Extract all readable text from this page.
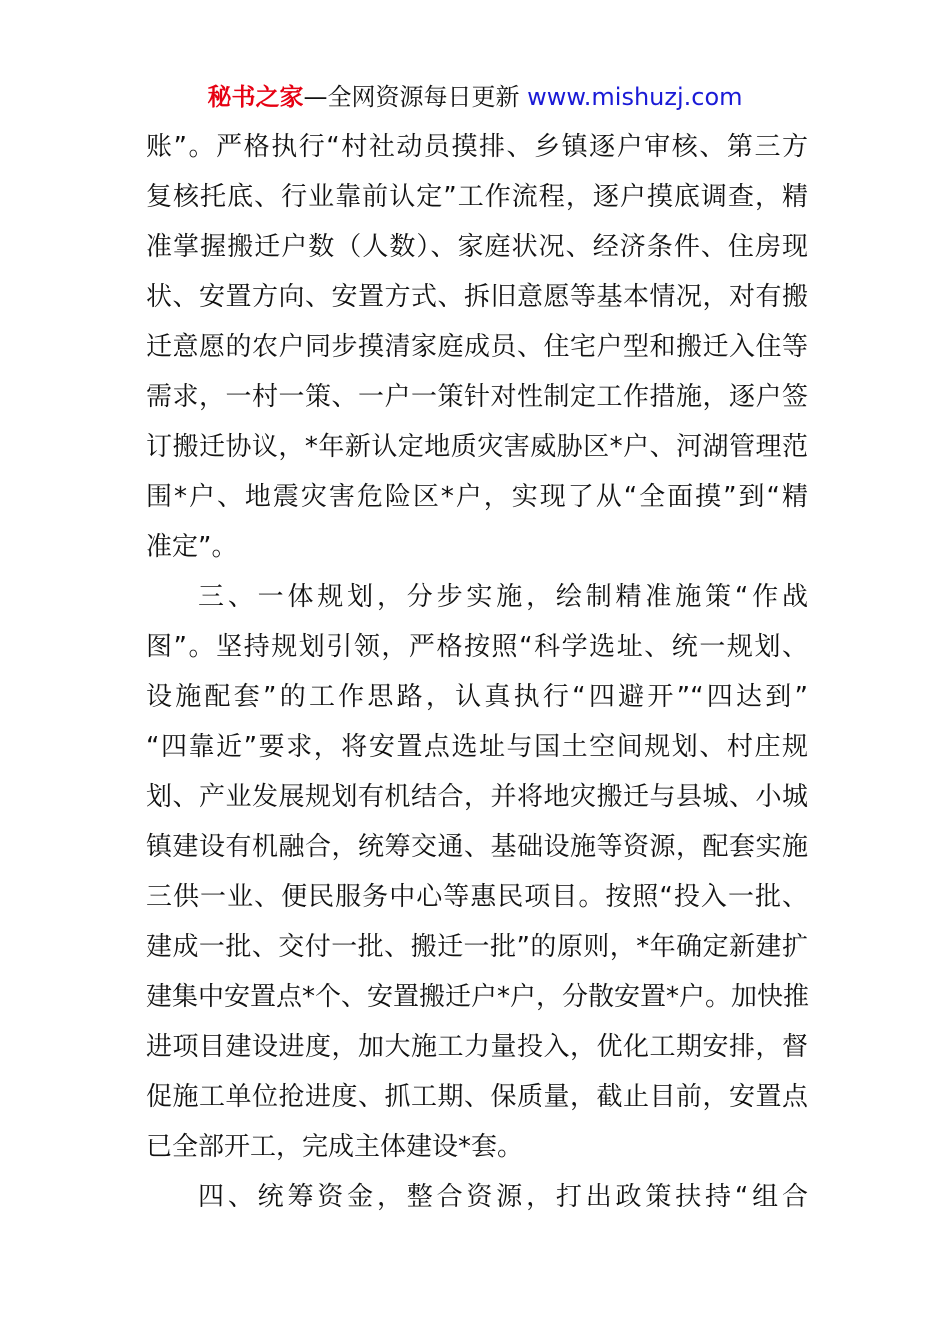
秘书之家—全网资源每日更新 www.mishuzj.com
账”。严格执行“村社动员摸排、乡镇逐户审核、第三方
复核托底、行业靠前认定”工作流程，逐户摸底调查，精
准掌握搬迁户数（人数）、家庭状况、经济条件、住房现
状、安置方向、安置方式、拆旧意愿等基本情况，对有搬
迁意愿的农户同步摸清家庭成员、住宅户型和搬迁入住等
需求，一村一策、一户一策针对性制定工作措施，逐户签
订搬迁协议，*年新认定地质灾害威胁区*户、河湖管理范
围*户、地震灾害危险区*户，实现了从“全面摸”到“精
准定”。
三、一体规划，分步实施，绘制精准施策“作战
图”。坚持规划引领，严格按照“科学选址、统一规划、
设施配套”的工作思路，认真执行“四避开”“四达到”
“四靠近”要求，将安置点选址与国土空间规划、村庄规
划、产业发展规划有机结合，并将地灾搬迁与县城、小城
镇建设有机融合，统筹交通、基础设施等资源，配套实施
三供一业、便民服务中心等惠民项目。按照“投入一批、
建成一批、交付一批、搬迁一批”的原则，*年确定新建扩
建集中安置点*个、安置搬迁户*户，分散安置*户。加快推
进项目建设进度，加大施工力量投入，优化工期安排，督
促施工单位抢进度、抓工期、保质量，截止目前，安置点
已全部开工，完成主体建设*套。
四、统筹资金，整合资源，打出政策扶持“组合
